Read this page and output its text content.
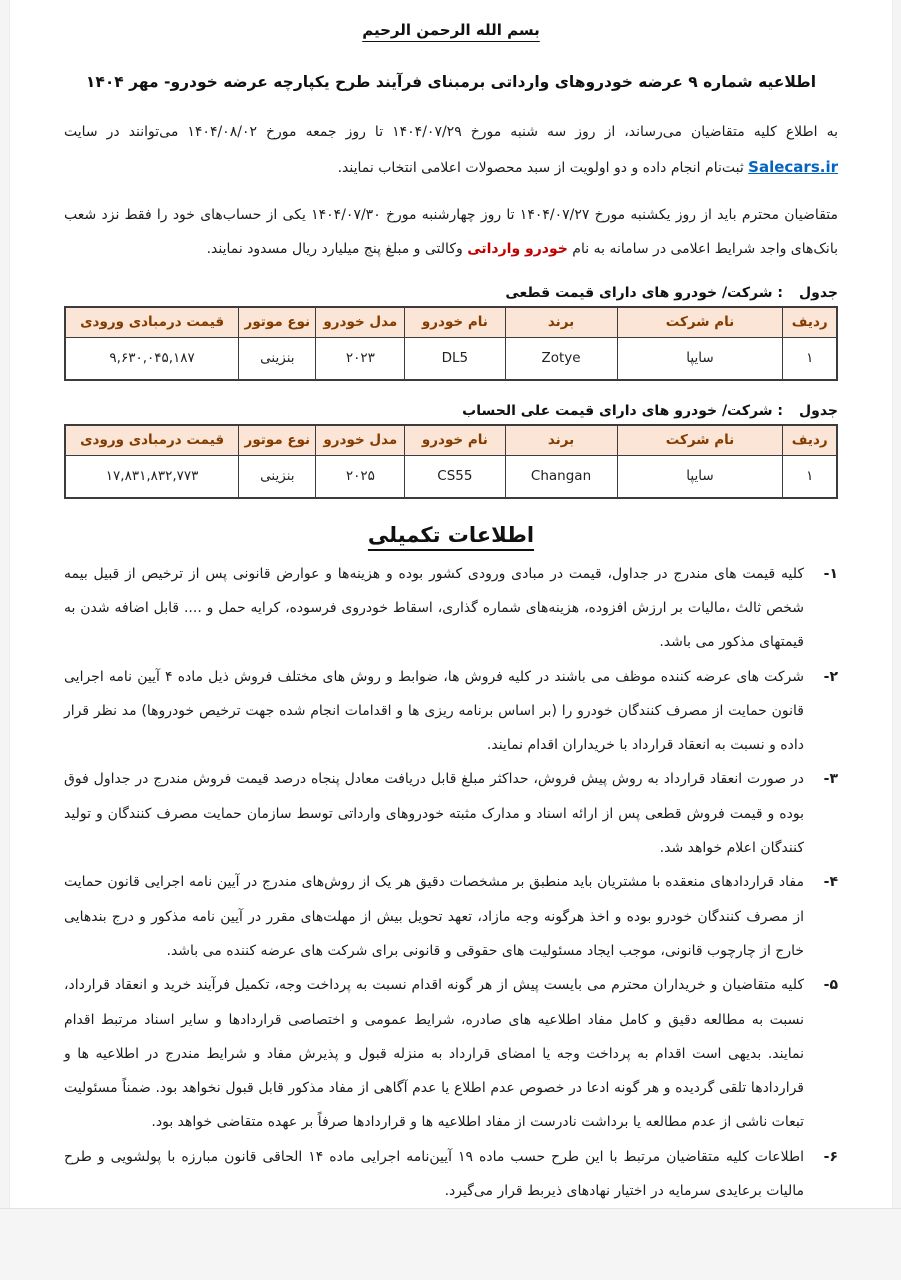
بسم الله الرحمن الرحیم
اطلاعیه شماره ۹ عرضه خودروهای وارداتی برمبنای فرآیند طرح یکپارچه عرضه خودرو- مهر ۱۴۰۴

به اطلاع کلیه متقاضیان می‌رساند، از روز سه شنبه مورخ ۱۴۰۴/۰۷/۲۹ تا روز جمعه مورخ ۱۴۰۴/۰۸/۰۲ می‌توانند در سایت Salecars.ir ثبت‌نام انجام داده و دو اولویت از سبد محصولات اعلامی انتخاب نمایند.

متقاضیان محترم باید از روز یکشنبه مورخ ۱۴۰۴/۰۷/۲۷ تا روز چهارشنبه مورخ ۱۴۰۴/۰۷/۳۰ یکی از حساب‌های خود را فقط نزد شعب بانک‌های واجد شرایط اعلامی در سامانه به نام خودرو وارداتی وکالتی و مبلغ پنج میلیارد ریال مسدود نمایند.

جدول
: شرکت/ خودرو های دارای قیمت قطعی
ردیف	نام شرکت	برند	نام خودرو	مدل خودرو	نوع موتور	قیمت درمبادی ورودی
۱	سایپا	Zotye	DL5	۲۰۲۳	بنزینی	۹,۶۳۰,۰۴۵,۱۸۷
جدول
: شرکت/ خودرو های دارای قیمت علی الحساب
ردیف	نام شرکت	برند	نام خودرو	مدل خودرو	نوع موتور	قیمت درمبادی ورودی
۱	سایپا	Changan	CS55	۲۰۲۵	بنزینی	۱۷,۸۳۱,۸۳۲,۷۷۳
اطلاعات تکمیلی
۱-
کلیه قیمت های مندرج در جداول، قیمت در مبادی ورودی کشور بوده و هزینه‌ها و عوارض قانونی پس از ترخیص از قبیل بیمه شخص ثالث ،مالیات بر ارزش افزوده، هزینه‌های شماره گذاری، اسقاط خودروی فرسوده، کرایه حمل و .... قابل اضافه شدن به قیمتهای مذکور می باشد.
۲-
شرکت های عرضه کننده موظف می باشند در کلیه فروش ها، ضوابط و روش های مختلف فروش ذیل ماده ۴ آیین نامه اجرایی قانون حمایت از مصرف کنندگان خودرو را (بر اساس برنامه ریزی ها و اقدامات انجام شده جهت ترخیص خودروها) مد نظر قرار داده و نسبت به انعقاد قرارداد با خریداران اقدام نمایند.
۳-
در صورت انعقاد قرارداد به روش پیش فروش، حداکثر مبلغ قابل دریافت معادل پنجاه درصد قیمت فروش مندرج در جداول فوق بوده و قیمت فروش قطعی پس از ارائه اسناد و مدارک مثبته خودروهای وارداتی توسط سازمان حمایت مصرف کنندگان و تولید کنندگان اعلام خواهد شد.
۴-
مفاد قراردادهای منعقده با مشتریان باید منطبق بر مشخصات دقیق هر یک از روش‌های مندرج در آیین نامه اجرایی قانون حمایت از مصرف کنندگان خودرو بوده و اخذ هرگونه وجه مازاد، تعهد تحویل بیش از مهلت‌های مقرر در آیین نامه مذکور و درج بندهایی خارج از چارچوب قانونی، موجب ایجاد مسئولیت های حقوقی و قانونی برای شرکت های عرضه کننده می باشد.
۵-
کلیه متقاضیان و خریداران محترم می بایست پیش از هر گونه اقدام نسبت به پرداخت وجه، تکمیل فرآیند خرید و انعقاد قرارداد، نسبت به مطالعه دقیق و کامل مفاد اطلاعیه های صادره، شرایط عمومی و اختصاصی قراردادها و سایر اسناد مرتبط اقدام نمایند. بدیهی است اقدام به پرداخت وجه یا امضای قرارداد به منزله قبول و پذیرش مفاد و شرایط مندرج در اطلاعیه ها و قراردادها تلقی گردیده و هر گونه ادعا در خصوص عدم اطلاع یا عدم آگاهی از مفاد مذکور قابل قبول نخواهد بود. ضمناً مسئولیت تبعات ناشی از عدم مطالعه یا برداشت نادرست از مفاد اطلاعیه ها و قراردادها صرفاً بر عهده متقاضی خواهد بود.
۶-
اطلاعات کلیه متقاضیان مرتبط با این طرح حسب ماده ۱۹ آیین‌نامه اجرایی ماده ۱۴ الحاقی قانون مبارزه با پولشویی و طرح مالیات برعایدی سرمایه در اختیار نهادهای ذیربط قرار می‌گیرد.
